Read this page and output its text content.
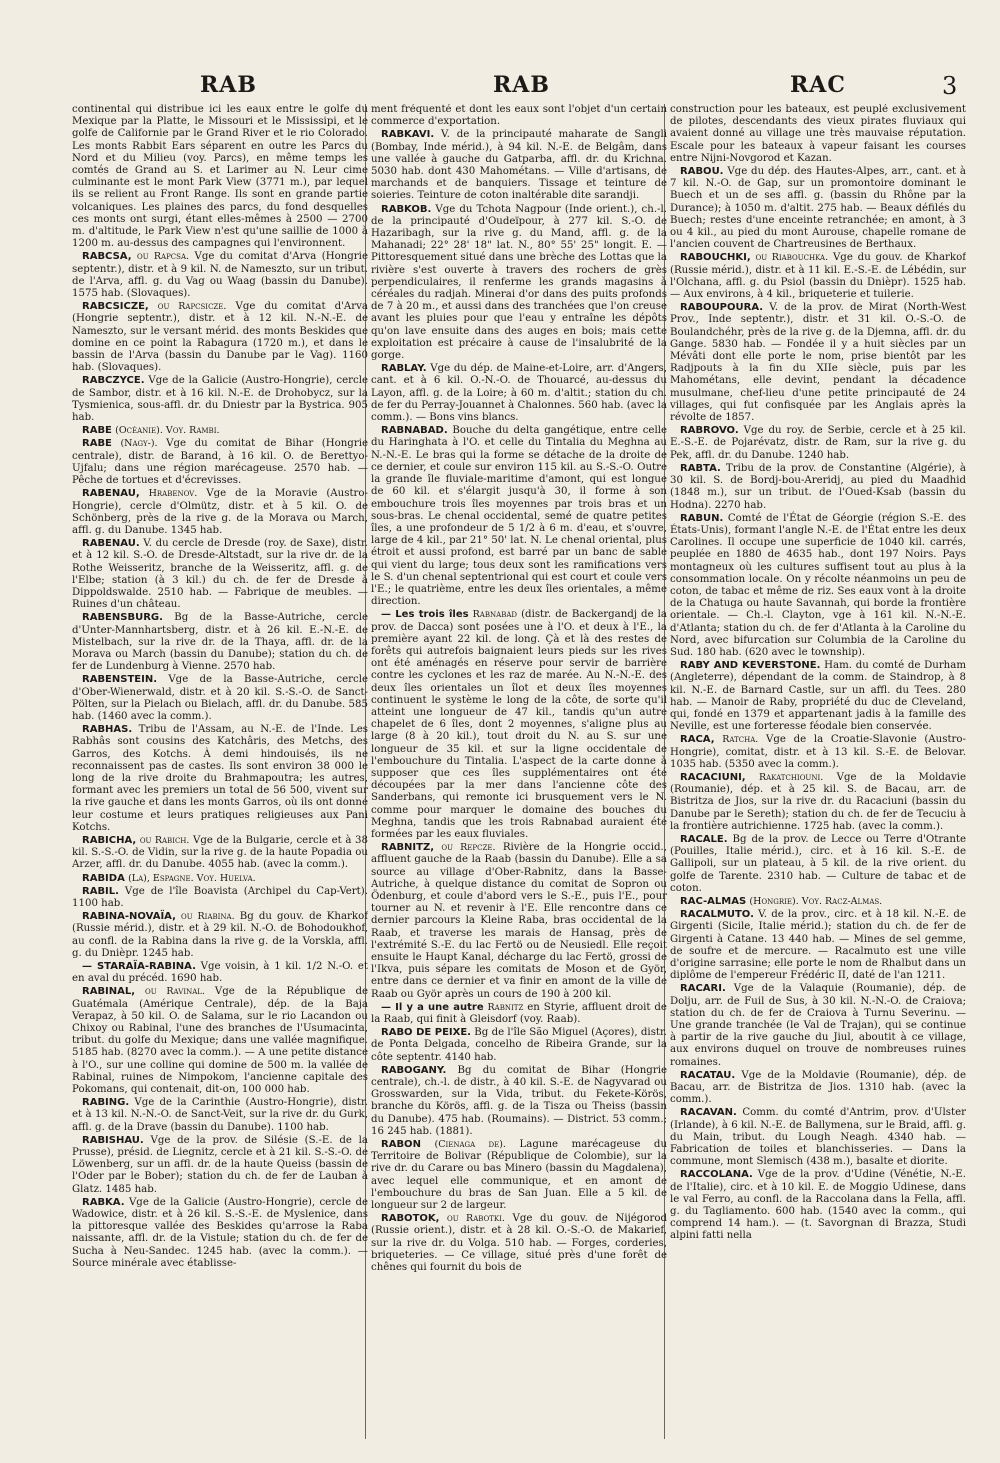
RAB	RAB	RAC	3

continental qui distribue ici les eaux entre le golfe du Mexique par la Platte, le Missouri et le Mississipi, et le golfe de Californie par le Grand River et le rio Colorado. Les monts Rabbit Ears séparent en outre les Parcs du Nord et du Milieu (voy. Parcs), en même temps les comtés de Grand au S. et Larimer au N. Leur cime culminante est le mont Park View (3771 m.), par lequel ils se relient au Front Range. Ils sont en grande partie volcaniques. Les plaines des parcs, du fond desquelles ces monts ont surgi, étant elles-mêmes à 2500 — 2700 m. d'altitude, le Park View n'est qu'une saillie de 1000 à 1200 m. au-dessus des campagnes qui l'environnent.

RABCSA, ou Rapcsa. Vge du comitat d'Arva (Hongrie septentr.), distr. et à 9 kil. N. de Nameszto, sur un tribut. de l'Arva, affl. g. du Vag ou Waag (bassin du Danube). 1575 hab. (Slovaques).

RABCSICZE, ou Rapcsicze. Vge du comitat d'Arva (Hongrie septentr.), distr. et à 12 kil. N.-N.-E. de Nameszto, sur le versant mérid. des monts Beskides que domine en ce point la Rabagura (1720 m.), et dans le bassin de l'Arva (bassin du Danube par le Vag). 1160 hab. (Slovaques).

RABCZYCE. Vge de la Galicie (Austro-Hongrie), cercle de Sambor, distr. et à 16 kil. N.-E. de Drohobycz, sur la Tysmienica, sous-affl. dr. du Dniestr par la Bystrica. 905 hab.

RABE (Océanie). Voy. Rambi.

RABE (Nagy-). Vge du comitat de Bihar (Hongrie centrale), distr. de Barand, à 16 kil. O. de Berettyo-Ujfalu; dans une région marécageuse. 2570 hab. — Pêche de tortues et d'écrevisses.

RABENAU, Hrabenov. Vge de la Moravie (Austro-Hongrie), cercle d'Olmütz, distr. et à 5 kil. O. de Schönberg, près de la rive g. de la Morava ou March, affl. g. du Danube. 1345 hab.

RABENAU. V. du cercle de Dresde (roy. de Saxe), distr. et à 12 kil. S.-O. de Dresde-Altstadt, sur la rive dr. de la Rothe Weisseritz, branche de la Weisseritz, affl. g. de l'Elbe; station (à 3 kil.) du ch. de fer de Dresde à Dippoldswalde. 2510 hab. — Fabrique de meubles. — Ruines d'un château.

RABENSBURG. Bg de la Basse-Autriche, cercle d'Unter-Mannhartsberg, distr. et à 26 kil. E.-N.-E. de Mistelbach, sur la rive dr. de la Thaya, affl. dr. de la Morava ou March (bassin du Danube); station du ch. de fer de Lundenburg à Vienne. 2570 hab.

RABENSTEIN. Vge de la Basse-Autriche, cercle d'Ober-Wienerwald, distr. et à 20 kil. S.-S.-O. de Sanct-Pölten, sur la Pielach ou Bielach, affl. dr. du Danube. 585 hab. (1460 avec la comm.).

RABHAS. Tribu de l'Assam, au N.-E. de l'Inde. Les Rabhâs sont cousins des Katchâris, des Metchs, des Garros, des Kotchs. À demi hindouisés, ils ne reconnaissent pas de castes. Ils sont environ 38 000 le long de la rive droite du Brahmapoutra; les autres, formant avec les premiers un total de 56 500, vivent sur la rive gauche et dans les monts Garros, où ils ont donné leur costume et leurs pratiques religieuses aux Pani Kotchs.

RABICHA, ou Rabich. Vge de la Bulgarie, cercle et à 38 kil. S.-S.-O. de Vidin, sur la rive g. de la haute Popadia ou Arzer, affl. dr. du Danube. 4055 hab. (avec la comm.).

RABIDA (La), Espagne. Voy. Huelva.

RABIL. Vge de l'île Boavista (Archipel du Cap-Vert). 1100 hab.

RABINA-NOVAÏA, ou Riabina. Bg du gouv. de Kharkof (Russie mérid.), distr. et à 29 kil. N.-O. de Bohodoukhof, au confl. de la Rabina dans la rive g. de la Vorskla, affl. g. du Dnièpr. 1245 hab.

— STARAÏA-RABINA. Vge voisin, à 1 kil. 1/2 N.-O. et en aval du précéd. 1690 hab.

RABINAL, ou Ravinal. Vge de la République de Guatémala (Amérique Centrale), dép. de la Baja Verapaz, à 50 kil. O. de Salama, sur le rio Lacandon ou Chixoy ou Rabinal, l'une des branches de l'Usumacinta, tribut. du golfe du Mexique; dans une vallée magnifique. 5185 hab. (8270 avec la comm.). — A une petite distance à l'O., sur une colline qui domine de 500 m. la vallée de Rabinal, ruines de Nimpokom, l'ancienne capitale des Pokomans, qui contenait, dit-on, 100 000 hab.

RABING. Vge de la Carinthie (Austro-Hongrie), distr. et à 13 kil. N.-N.-O. de Sanct-Veit, sur la rive dr. du Gurk, affl. g. de la Drave (bassin du Danube). 1100 hab.

RABISHAU. Vge de la prov. de Silésie (S.-E. de la Prusse), présid. de Liegnitz, cercle et à 21 kil. S.-S.-O. de Löwenberg, sur un affl. dr. de la haute Queiss (bassin de l'Oder par le Bober); station du ch. de fer de Lauban à Glatz. 1485 hab.

RABKA. Vge de la Galicie (Austro-Hongrie), cercle de Wadowice, distr. et à 26 kil. S.-S.-E. de Myslenice, dans la pittoresque vallée des Beskides qu'arrose la Raba naissante, affl. dr. de la Vistule; station du ch. de fer de Sucha à Neu-Sandec. 1245 hab. (avec la comm.). — Source minérale avec établisse-

ment fréquenté et dont les eaux sont l'objet d'un certain commerce d'exportation.

RABKAVI. V. de la principauté maharate de Sangli (Bombay, Inde mérid.), à 94 kil. N.-E. de Belgâm, dans une vallée à gauche du Gatparba, affl. dr. du Krichna. 5030 hab. dont 430 Mahométans. — Ville d'artisans, de marchands et de banquiers. Tissage et teinture de soieries. Teinture de coton inaltérable dite sarandji.

RABKOB. Vge du Tchota Nagpour (Inde orient.), ch.-l. de la principauté d'Oudeïpour, à 277 kil. S.-O. de Hazaribagh, sur la rive g. du Mand, affl. g. de la Mahanadi; 22° 28' 18" lat. N., 80° 55' 25" longit. E. — Pittoresquement situé dans une brèche des Lottas que la rivière s'est ouverte à travers des rochers de grès perpendiculaires, il renferme les grands magasins à céréales du radjah. Minerai d'or dans des puits profonds de 7 à 20 m., et aussi dans des tranchées que l'on creuse avant les pluies pour que l'eau y entraîne les dépôts qu'on lave ensuite dans des auges en bois; mais cette exploitation est précaire à cause de l'insalubrité de la gorge.

RABLAY. Vge du dép. de Maine-et-Loire, arr. d'Angers, cant. et à 6 kil. O.-N.-O. de Thouarcé, au-dessus du Layon, affl. g. de la Loire; à 60 m. d'altit.; station du ch. de fer du Perray-Jouannet à Chalonnes. 560 hab. (avec la comm.). — Bons vins blancs.

RABNABAD. Bouche du delta gangétique, entre celle du Haringhata à l'O. et celle du Tintalia du Meghna au N.-N.-E. Le bras qui la forme se détache de la droite de ce dernier, et coule sur environ 115 kil. au S.-S.-O. Outre la grande île fluviale-maritime d'amont, qui est longue de 60 kil. et s'élargit jusqu'à 30, il forme à son embouchure trois îles moyennes par trois bras et un sous-bras. Le chenal occidental, semé de quatre petites îles, a une profondeur de 5 1/2 à 6 m. d'eau, et s'ouvre, large de 4 kil., par 21° 50' lat. N. Le chenal oriental, plus étroit et aussi profond, est barré par un banc de sable qui vient du large; tous deux sont les ramifications vers le S. d'un chenal septentrional qui est court et coule vers l'E.; le quatrième, entre les deux îles orientales, a même direction.

— Les trois îles Rabnabad (distr. de Backergandj de la prov. de Dacca) sont posées une à l'O. et deux à l'E., la première ayant 22 kil. de long. Çà et là des restes de forêts qui autrefois baignaient leurs pieds sur les rives ont été aménagés en réserve pour servir de barrière contre les cyclones et les raz de marée. Au N.-N.-E. des deux îles orientales un îlot et deux îles moyennes continuent le système le long de la côte, de sorte qu'il atteint une longueur de 47 kil., tandis qu'un autre chapelet de 6 îles, dont 2 moyennes, s'aligne plus au large (8 à 20 kil.), tout droit du N. au S. sur une longueur de 35 kil. et sur la ligne occidentale de l'embouchure du Tintalia. L'aspect de la carte donne à supposer que ces îles supplémentaires ont été découpées par la mer dans l'ancienne côte des Sanderbans, qui remonte ici brusquement vers le N. comme pour marquer le domaine des bouches du Meghna, tandis que les trois Rabnabad auraient été formées par les eaux fluviales.

RABNITZ, ou Repcze. Rivière de la Hongrie occid., affluent gauche de la Raab (bassin du Danube). Elle a sa source au village d'Ober-Rabnitz, dans la Basse-Autriche, à quelque distance du comitat de Sopron ou Ödenburg, et coule d'abord vers le S.-E., puis l'E., pour tourner au N. et revenir à l'E. Elle rencontre dans ce dernier parcours la Kleine Raba, bras occidental de la Raab, et traverse les marais de Hansag, près de l'extrémité S.-E. du lac Fertö ou de Neusiedl. Elle reçoit ensuite le Haupt Kanal, décharge du lac Fertö, grossi de l'Ikva, puis sépare les comitats de Moson et de Györ, entre dans ce dernier et va finir en amont de la ville de Raab ou Györ après un cours de 190 à 200 kil.

— Il y a une autre Rabnitz en Styrie, affluent droit de la Raab, qui finit à Gleisdorf (voy. Raab).

RABO DE PEIXE. Bg de l'île São Miguel (Açores), distr. de Ponta Delgada, concelho de Ribeira Grande, sur la côte septentr. 4140 hab.

RABOGANY. Bg du comitat de Bihar (Hongrie centrale), ch.-l. de distr., à 40 kil. S.-E. de Nagyvarad ou Grosswarden, sur la Vida, tribut. du Fekete-Körös, branche du Körös, affl. g. de la Tisza ou Theiss (bassin du Danube). 475 hab. (Roumains). — District. 53 comm.; 16 245 hab. (1881).

RABON (Cienaga de). Lagune marécageuse du Territoire de Bolivar (République de Colombie), sur la rive dr. du Carare ou bas Minero (bassin du Magdalena), avec lequel elle communique, et en amont de l'embouchure du bras de San Juan. Elle a 5 kil. de longueur sur 2 de largeur.

RABOTOK, ou Rabotki. Vge du gouv. de Nijégorod (Russie orient.), distr. et à 28 kil. O.-S.-O. de Makarief, sur la rive dr. du Volga. 510 hab. — Forges, corderies, briqueteries. — Ce village, situé près d'une forêt de chênes qui fournit du bois de

construction pour les bateaux, est peuplé exclusivement de pilotes, descendants des vieux pirates fluviaux qui avaient donné au village une très mauvaise réputation. Escale pour les bateaux à vapeur faisant les courses entre Nijni-Novgorod et Kazan.

RABOU. Vge du dép. des Hautes-Alpes, arr., cant. et à 7 kil. N.-O. de Gap, sur un promontoire dominant le Buech et un de ses affl. g. (bassin du Rhône par la Durance); à 1050 m. d'altit. 275 hab. — Beaux défilés du Buech; restes d'une enceinte retranchée; en amont, à 3 ou 4 kil., au pied du mont Aurouse, chapelle romane de l'ancien couvent de Chartreusines de Berthaux.

RABOUCHKI, ou Riabouchka. Vge du gouv. de Kharkof (Russie mérid.), distr. et à 11 kil. E.-S.-E. de Lébédin, sur l'Olchana, affl. g. du Psiol (bassin du Dnièpr). 1525 hab. — Aux environs, à 4 kil., briqueterie et tuilerie.

RABOUPOURA. V. de la prov. de Mirat (North-West Prov., Inde septentr.), distr. et 31 kil. O.-S.-O. de Boulandchéhr, près de la rive g. de la Djemna, affl. dr. du Gange. 5830 hab. — Fondée il y a huit siècles par un Mévâti dont elle porte le nom, prise bientôt par les Radjpouts à la fin du XIIe siècle, puis par les Mahométans, elle devint, pendant la décadence musulmane, chef-lieu d'une petite principauté de 24 villages, qui fut confisquée par les Anglais après la révolte de 1857.

RABROVO. Vge du roy. de Serbie, cercle et à 25 kil. E.-S.-E. de Pojarévatz, distr. de Ram, sur la rive g. du Pek, affl. dr. du Danube. 1240 hab.

RABTA. Tribu de la prov. de Constantine (Algérie), à 30 kil. S. de Bordj-bou-Areridj, au pied du Maadhid (1848 m.), sur un tribut. de l'Oued-Ksab (bassin du Hodna). 2270 hab.

RABUN. Comté de l'État de Géorgie (région S.-E. des États-Unis), formant l'angle N.-E. de l'État entre les deux Carolines. Il occupe une superficie de 1040 kil. carrés, peuplée en 1880 de 4635 hab., dont 197 Noirs. Pays montagneux où les cultures suffisent tout au plus à la consommation locale. On y récolte néanmoins un peu de coton, de tabac et même de riz. Ses eaux vont à la droite de la Chatuga ou haute Savannah, qui borde la frontière orientale. — Ch.-l. Clayton, vge à 161 kil. N.-N.-E. d'Atlanta; station du ch. de fer d'Atlanta à la Caroline du Nord, avec bifurcation sur Columbia de la Caroline du Sud. 180 hab. (620 avec le township).

RABY AND KEVERSTONE. Ham. du comté de Durham (Angleterre), dépendant de la comm. de Staindrop, à 8 kil. N.-E. de Barnard Castle, sur un affl. du Tees. 280 hab. — Manoir de Raby, propriété du duc de Cleveland, qui, fondé en 1379 et appartenant jadis à la famille des Neville, est une forteresse féodale bien conservée.

RACA, Ratcha. Vge de la Croatie-Slavonie (Austro-Hongrie), comitat, distr. et à 13 kil. S.-E. de Belovar. 1035 hab. (5350 avec la comm.).

RACACIUNI, Rakatchiouni. Vge de la Moldavie (Roumanie), dép. et à 25 kil. S. de Bacau, arr. de Bistritza de Jios, sur la rive dr. du Racaciuni (bassin du Danube par le Sereth); station du ch. de fer de Tecuciu à la frontière autrichienne. 1725 hab. (avec la comm.).

RACALE. Bg de la prov. de Lecce ou Terre d'Otrante (Pouilles, Italie mérid.), circ. et à 16 kil. S.-E. de Gallipoli, sur un plateau, à 5 kil. de la rive orient. du golfe de Tarente. 2310 hab. — Culture de tabac et de coton.

RAC-ALMAS (Hongrie). Voy. Racz-Almas.

RACALMUTO. V. de la prov., circ. et à 18 kil. N.-E. de Girgenti (Sicile, Italie mérid.); station du ch. de fer de Girgenti à Catane. 13 440 hab. — Mines de sel gemme, de soufre et de mercure. — Racalmuto est une ville d'origine sarrasine; elle porte le nom de Rhalbut dans un diplôme de l'empereur Frédéric II, daté de l'an 1211.

RACARI. Vge de la Valaquie (Roumanie), dép. de Dolju, arr. de Fuil de Sus, à 30 kil. N.-N.-O. de Craiova; station du ch. de fer de Craiova à Turnu Severinu. — Une grande tranchée (le Val de Trajan), qui se continue à partir de la rive gauche du Jiul, aboutit à ce village, aux environs duquel on trouve de nombreuses ruines romaines.

RACATAU. Vge de la Moldavie (Roumanie), dép. de Bacau, arr. de Bistritza de Jios. 1310 hab. (avec la comm.).

RACAVAN. Comm. du comté d'Antrim, prov. d'Ulster (Irlande), à 6 kil. N.-E. de Ballymena, sur le Braid, affl. g. du Main, tribut. du Lough Neagh. 4340 hab. — Fabrication de toiles et blanchisseries. — Dans la commune, mont Slemisch (438 m.), basalte et diorite.

RACCOLANA. Vge de la prov. d'Udine (Vénétie, N.-E. de l'Italie), circ. et à 10 kil. E. de Moggio Udinese, dans le val Ferro, au confl. de la Raccolana dans la Fella, affl. g. du Tagliamento. 600 hab. (1540 avec la comm., qui comprend 14 ham.). — (t. Savorgnan di Brazza, Studi alpini fatti nella
